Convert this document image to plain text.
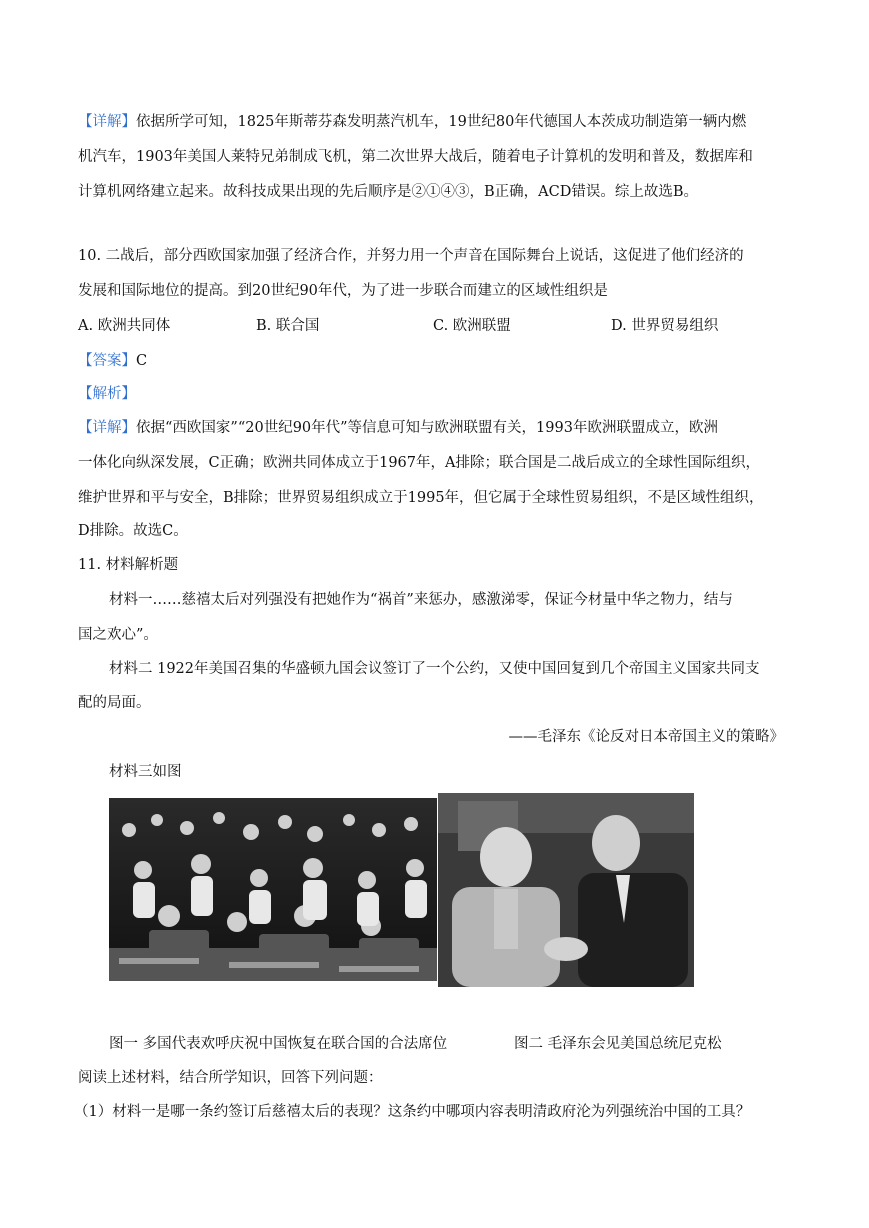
【详解】依据所学可知，1825年斯蒂芬森发明蒸汽机车，19世纪80年代德国人本茨成功制造第一辆内燃
机汽车，1903年美国人莱特兄弟制成飞机，第二次世界大战后，随着电子计算机的发明和普及，数据库和
计算机网络建立起来。故科技成果出现的先后顺序是②①④③，B正确，ACD错误。综上故选B。
10. 二战后，部分西欧国家加强了经济合作，并努力用一个声音在国际舞台上说话，这促进了他们经济的
发展和国际地位的提高。到20世纪90年代，为了进一步联合而建立的区域性组织是
A. 欧洲共同体	B. 联合国	C. 欧洲联盟	D. 世界贸易组织
【答案】C
【解析】
【详解】依据“西欧国家”“20世纪90年代”等信息可知与欧洲联盟有关，1993年欧洲联盟成立，欧洲
一体化向纵深发展，C正确；欧洲共同体成立于1967年，A排除；联合国是二战后成立的全球性国际组织，
维护世界和平与安全，B排除；世界贸易组织成立于1995年，但它属于全球性贸易组织，不是区域性组织，
D排除。故选C。
11. 材料解析题
材料一……慈禧太后对列强没有把她作为“祸首”来惩办，感激涕零，保证今材量中华之物力，结与
国之欢心”。
材料二 1922年美国召集的华盛顿九国会议签订了一个公约，又使中国回复到几个帝国主义国家共同支
配的局面。
——毛泽东《论反对日本帝国主义的策略》
材料三如图
图一 多国代表欢呼庆祝中国恢复在联合国的合法席位	图二 毛泽东会见美国总统尼克松
阅读上述材料，结合所学知识，回答下列问题：
（1）材料一是哪一条约签订后慈禧太后的表现？这条约中哪项内容表明清政府沦为列强统治中国的工具？
